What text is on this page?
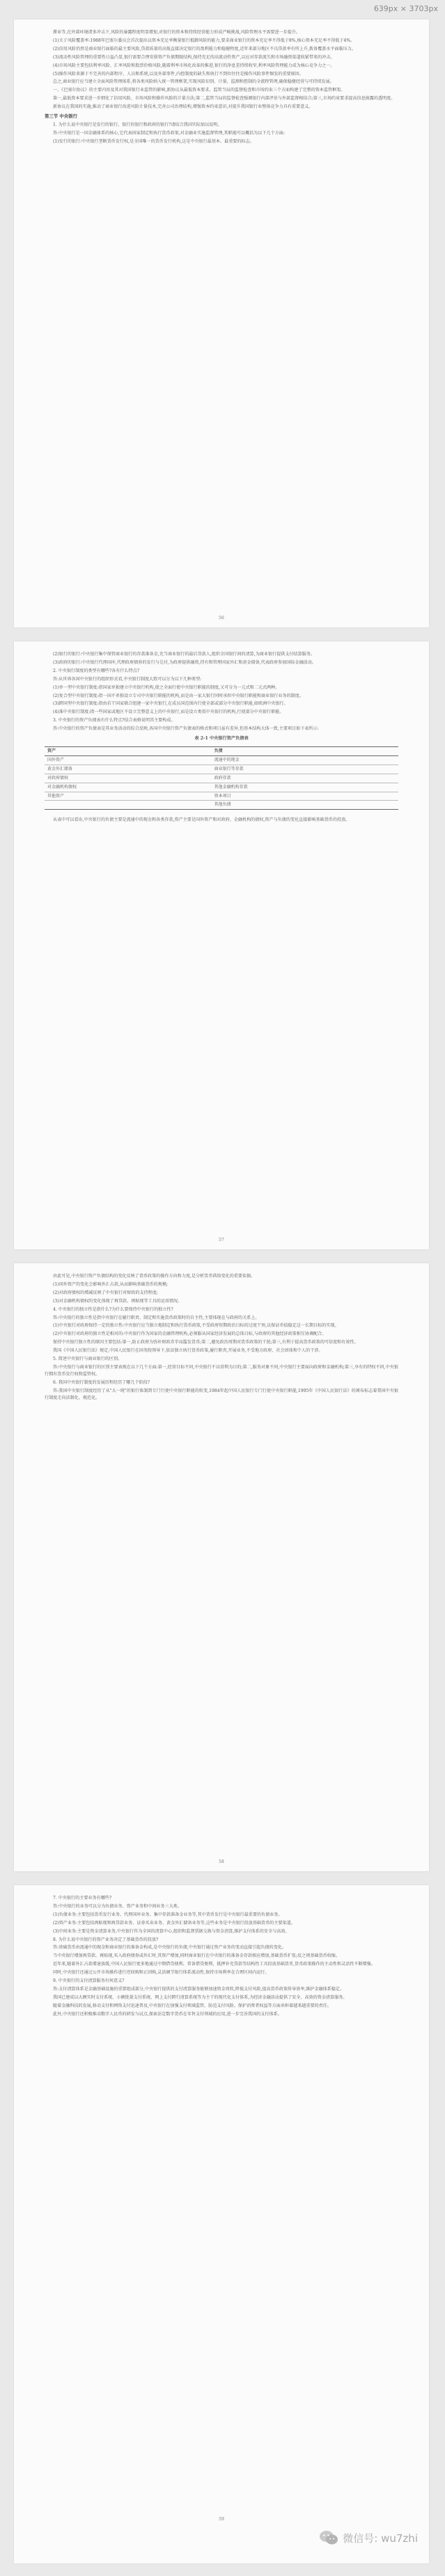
639px × 3703px

滞业等,在外部环境诸多冲击下,风险的暴露程度明显增加,对银行的资本和持续经营能力形成严峻挑战,风险管理水平需要进一步提升。

(1)关于风险覆盖率:1988年巴塞尔委员会首次提出以资本充足率衡量银行抵御风险的能力,要求商业银行的资本充足率不得低于8%,核心资本充足率不得低于4%。

(2)信用风险仍然是商业银行面临的最主要风险,贷款质量的高低直接决定银行的盈利能力和稳健程度,近年来部分地区不良贷款率有所上升,拨备覆盖水平面临压力。

(3)流动性风险管理的重要性日益凸显,银行需要合理安排资产负债期限结构,保持充足的高流动性资产,以应对存款流失和市场融资渠道收紧带来的冲击。

(4)市场风险主要包括利率风险、汇率风险和股票价格风险,随着利率市场化改革的推进,银行的净息差持续收窄,利率风险管理能力成为核心竞争力之一。

(5)操作风险来源于不完善的内部程序、人员和系统,以及外部事件,内控制度的缺失和执行不到位往往是操作风险事件频发的重要原因。

总之,商业银行应当建立全面风险管理体系,将各类风险纳入统一管理框架,实现风险识别、计量、监测和控制的全流程管理,确保稳健经营与可持续发展。

一、《巴塞尔协议》的主要内容及其对我国银行业监管的影响,新协议从最低资本要求、监管当局的监督检查和市场约束三个方面构建了完整的资本监管框架。

第一,最低资本要求进一步细化了信用风险、市场风险和操作风险的计量方法;第二,监管当局的监督检查强调银行内部评估与外部监督相结合;第三,市场约束要求提高信息披露的透明度。

新协议在我国的实施,推动了商业银行改进风险计量技术,完善公司治理结构,增强资本约束意识,对提升我国银行业整体竞争力具有重要意义。

第三节 中央银行

1. 为什么说中央银行是发行的银行、银行的银行和政府的银行?请结合我国实际加以说明。

答:中央银行是一国金融体系的核心,它代表国家制定和执行货币政策,对金融业实施监督管理,其职能可以概括为以下几个方面:

(1)发行的银行:中央银行垄断货币发行权,是全国唯一的货币发行机构,这是中央银行最基本、最重要的标志。

56

(2)银行的银行:中央银行集中保管商业银行的存款准备金,充当商业银行的最后贷款人,组织全国银行间的清算,为商业银行提供支付结算服务。

(3)政府的银行:中央银行代理国库,代理政府债券的发行与兑付,为政府提供融资,持有和管理国家外汇和黄金储备,代表政府参加国际金融活动。

2. 中央银行制度的类型有哪些?各有什么特点?

答:从世界各国中央银行的组织形式看,中央银行制度大致可以分为以下几种类型:

(1)单一型中央银行制度:指国家单独建立中央银行机构,使之全面行使中央银行职能的制度,又可分为一元式和二元式两种。

(2)复合型中央银行制度:指一国不单独设立专司中央银行职能的机构,而是由一家大银行同时承担中央银行职能和商业银行业务的制度。

(3)跨国型中央银行制度:指由若干国家联合组建一家中央银行,在成员国范围内行使全部或部分中央银行职能,如欧洲中央银行。

(4)准中央银行制度:指一些国家或地区不设立完整意义上的中央银行,而是设立类似中央银行的机构,行使部分中央银行职能。

3. 中央银行的资产负债表有什么特点?结合表格说明其主要构成。

答:中央银行的资产负债表是其业务活动的综合反映,各国中央银行资产负债表的格式和项目虽有差异,但基本结构大体一致,主要项目如下表所示:

表 2-1 中央银行资产负债表
资产	负债
国外资产	流通中的现金
黄金外汇储备	商业银行等存款
对政府债权	政府存款
对金融机构债权	其他金融机构存款
其他资产	资本项目
	其他负债

从表中可以看出,中央银行的负债主要是流通中的现金和各类存款,资产主要是国外资产和对政府、金融机构的债权,资产与负债的变化直接影响基础货币的投放。

57

由此可见,中央银行资产负债结构的变化反映了货币政策的操作方向和力度,是分析货币供给变化的重要依据。

(1)国外资产的变化会影响外汇占款,从而影响基础货币的规模;

(2)对政府债权的增减反映了中央银行对财政的支持程度;

(3)对金融机构债权的变化体现了再贷款、再贴现等工具的运用情况。

4. 中央银行的独立性是指什么?为什么要保持中央银行的独立性?

答:中央银行的独立性是指中央银行在履行职责、制定和实施货币政策时的自主性,主要体现在与政府的关系上。

(1)中央银行对政府保持一定的独立性:中央银行应当独立地制定和执行货币政策,不受政府短期政治目标的过度干预,以保证币值稳定这一长期目标的实现。

(2)中央银行对政府的独立性是相对的:中央银行作为国家的金融管理机构,必须服从国家经济发展的总体目标,与政府的其他经济政策相互协调配合。

保持中央银行独立性的原因主要包括:第一,防止政府为弥补财政赤字而滥发货币;第二,避免政治周期对货币政策的干扰;第三,有利于提高货币政策的可信度和有效性。

我国《中国人民银行法》规定,中国人民银行在国务院领导下,依法独立执行货币政策,履行职责,开展业务,不受地方政府、社会团体和个人的干涉。

5. 简述中央银行与商业银行的区别。

答:中央银行与商业银行的区别主要表现在以下几个方面:第一,经营目标不同,中央银行不以营利为目的;第二,服务对象不同,中央银行主要面向政府和金融机构;第三,享有的特权不同,中央银行拥有货币发行权和监管权。

6. 我国中央银行制度的发展历程经历了哪几个阶段?

答:我国中央银行制度经历了从"大一统"的银行体制到专门行使中央银行职能的转变,1984年起中国人民银行专门行使中央银行职能,1995年《中国人民银行法》的颁布标志着我国中央银行制度走向法制化、规范化。

58

7. 中央银行的主要业务有哪些?

答:中央银行的业务可以分为负债业务、资产业务和中间业务三大类。

(1)负债业务:主要包括货币发行业务、代理国库业务、集中存款准备金业务等,其中货币发行是中央银行最重要的负债业务。

(2)资产业务:主要包括再贴现和再贷款业务、证券买卖业务、黄金外汇储备业务等,这些业务是中央银行投放基础货币的主要渠道。

(3)中间业务:主要是资金清算业务,中央银行作为全国的清算中心,组织和监督票据交换与资金清算,维护支付体系的安全与高效。

8. 为什么说中央银行的资产业务决定了基础货币的投放?

答:基础货币由流通中的现金和商业银行的准备金构成,是中央银行的负债,中央银行通过资产业务的变动直接引起负债的变化。

当中央银行增加再贷款、再贴现,买入政府债券或外汇时,其资产增加,同时商业银行在中央银行的准备金存款相应增加,基础货币扩张;反之则基础货币收缩。

近年来,随着外汇占款增速放缓,中国人民银行更多地通过中期借贷便利、常备借贷便利、抵押补充贷款等结构性工具投放基础货币,货币政策操作的主动性和灵活性不断增强。

同时,中央银行还通过公开市场操作进行逆回购和正回购,灵活调节银行体系流动性,保持市场利率在合理区间内运行。

9. 中央银行的支付清算服务有何意义?

答:支付清算体系是金融基础设施的重要组成部分,中央银行提供的支付清算服务能够加速资金周转,降低支付风险,提高货币政策传导效率,维护金融体系稳定。

我国已建成以大额实时支付系统、小额批量支付系统、网上支付跨行清算系统等为主干的现代化支付体系,为经济金融活动提供了安全、高效的资金清算服务。

随着金融科技的发展,移动支付和网络支付迅速普及,中央银行在加强支付领域监管、防范支付风险、保护消费者权益等方面承担着越来越重要的责任。

此外,中央银行还积极推动数字人民币的研发与试点,探索法定数字货币在零售支付领域的应用,进一步完善我国的支付体系。

59
微信号: wu7zhi
